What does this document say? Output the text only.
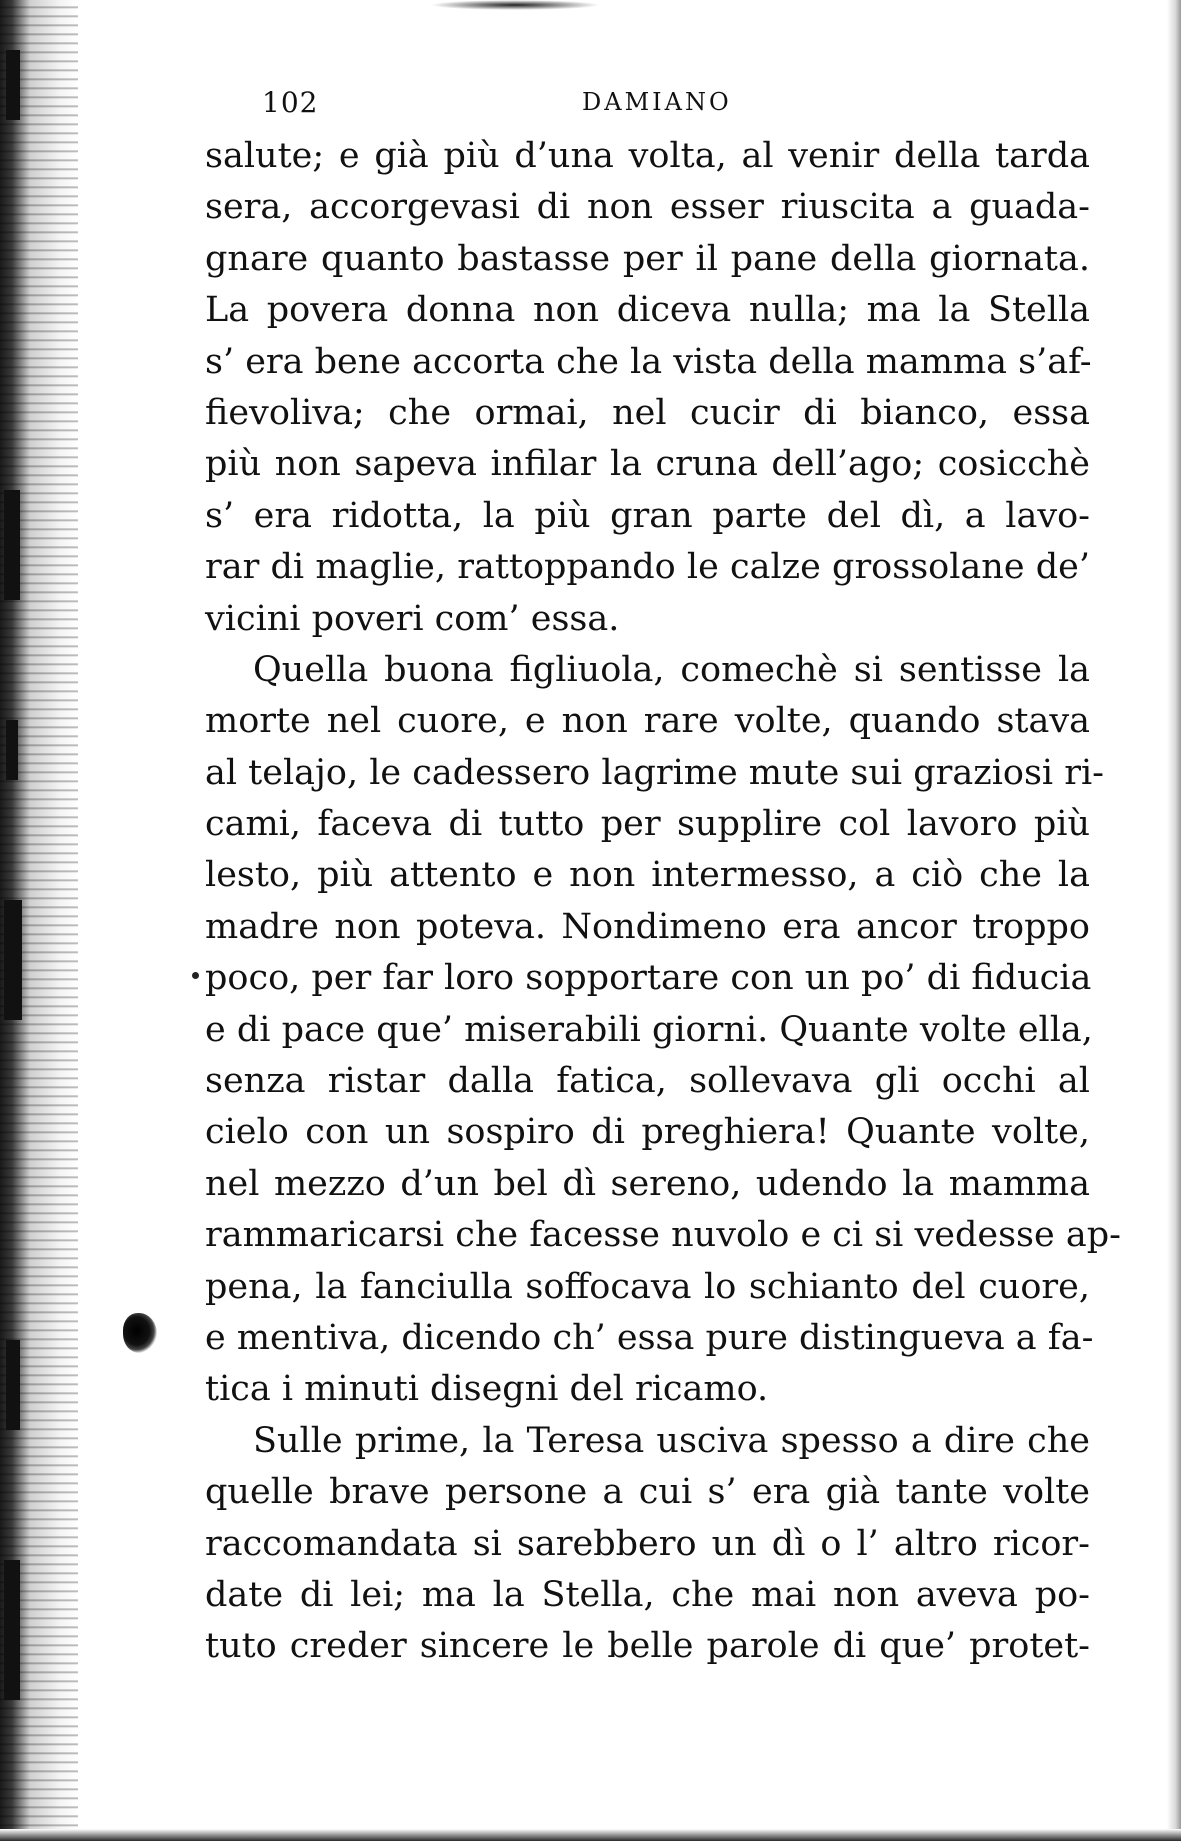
102	DAMIANO
salute; e già più d’una volta, al venir della tarda
sera, accorgevasi di non esser riuscita a guada-
gnare quanto bastasse per il pane della giornata.
La povera donna non diceva nulla; ma la Stella
s’ era bene accorta che la vista della mamma s’af-
fievoliva; che ormai, nel cucir di bianco, essa
più non sapeva infilar la cruna dell’ago; cosicchè
s’ era ridotta, la più gran parte del dì, a lavo-
rar di maglie, rattoppando le calze grossolane de’
vicini poveri com’ essa.
Quella buona figliuola, comechè si sentisse la
morte nel cuore, e non rare volte, quando stava
al telajo, le cadessero lagrime mute sui graziosi ri-
cami, faceva di tutto per supplire col lavoro più
lesto, più attento e non intermesso, a ciò che la
madre non poteva. Nondimeno era ancor troppo
poco, per far loro sopportare con un po’ di fiducia
e di pace que’ miserabili giorni. Quante volte ella,
senza ristar dalla fatica, sollevava gli occhi al
cielo con un sospiro di preghiera! Quante volte,
nel mezzo d’un bel dì sereno, udendo la mamma
rammaricarsi che facesse nuvolo e ci si vedesse ap-
pena, la fanciulla soffocava lo schianto del cuore,
e mentiva, dicendo ch’ essa pure distingueva a fa-
tica i minuti disegni del ricamo.
Sulle prime, la Teresa usciva spesso a dire che
quelle brave persone a cui s’ era già tante volte
raccomandata si sarebbero un dì o l’ altro ricor-
date di lei; ma la Stella, che mai non aveva po-
tuto creder sincere le belle parole di que’ protet-
